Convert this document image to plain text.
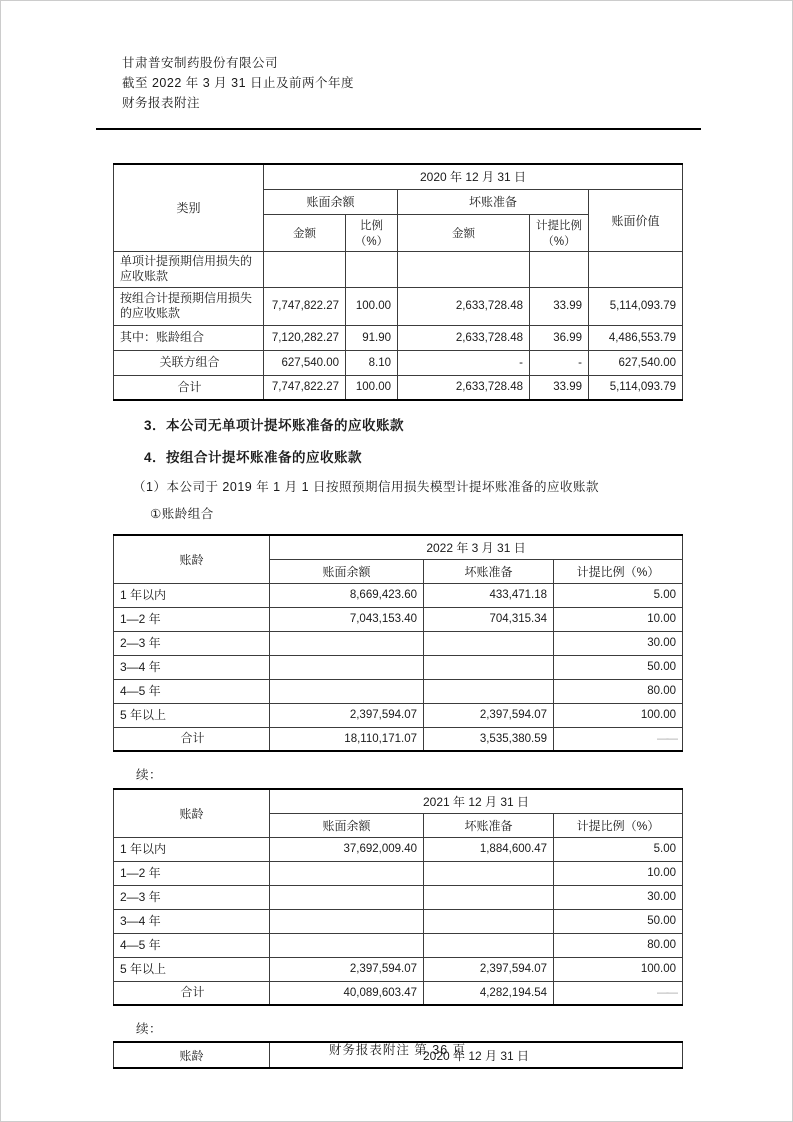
甘肃普安制药股份有限公司
截至 2022 年 3 月 31 日止及前两个年度
财务报表附注
类别	2020 年 12 月 31 日				
	账面余额		坏账准备		账面价值
	金额	比例（%）	金额	计提比例（%）	
单项计提预期信用损失的应收账款					
按组合计提预期信用损失的应收账款	7,747,822.27	100.00	2,633,728.48	33.99	5,114,093.79
其中：账龄组合	7,120,282.27	91.90	2,633,728.48	36.99	4,486,553.79
关联方组合	627,540.00	8.10	-	-	627,540.00
合计	7,747,822.27	100.00	2,633,728.48	33.99	5,114,093.79
3．本公司无单项计提坏账准备的应收账款
4．按组合计提坏账准备的应收账款
（1）本公司于 2019 年 1 月 1 日按照预期信用损失模型计提坏账准备的应收账款
①账龄组合
账龄	2022 年 3 月 31 日		
	账面余额	坏账准备	计提比例（%）
1 年以内	8,669,423.60	433,471.18	5.00
1—2 年	7,043,153.40	704,315.34	10.00
2—3 年			30.00
3—4 年			50.00
4—5 年			80.00
5 年以上	2,397,594.07	2,397,594.07	100.00
合计	18,110,171.07	3,535,380.59	——
续：
账龄	2021 年 12 月 31 日		
	账面余额	坏账准备	计提比例（%）
1 年以内	37,692,009.40	1,884,600.47	5.00
1—2 年			10.00
2—3 年			30.00
3—4 年			50.00
4—5 年			80.00
5 年以上	2,397,594.07	2,397,594.07	100.00
合计	40,089,603.47	4,282,194.54	——
续：
账龄	2020 年 12 月 31 日
财务报表附注 第 36 页
